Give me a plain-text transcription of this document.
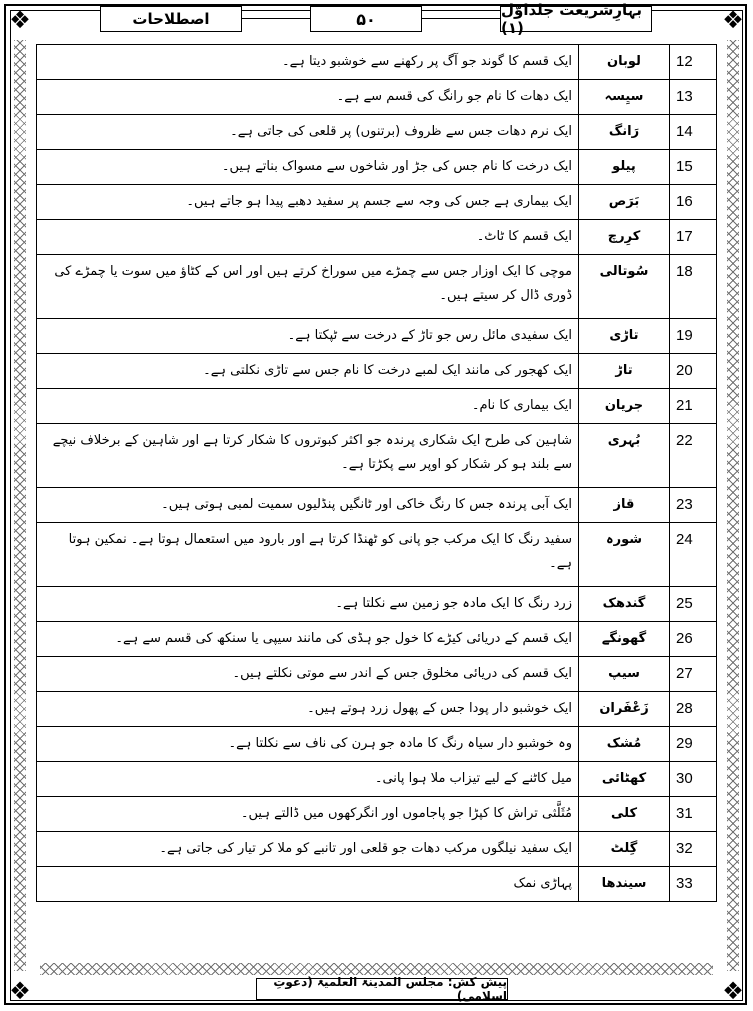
❖	❖
❖	❖
اصطلاحات	۵۰	بہارِشریعت جلداوّل (۱)
ایک قسم کا گوند جو آگ پر رکھنے سے خوشبو دیتا ہے۔	لوبان	12
ایک دھات کا نام جو رانگ کی قسم سے ہے۔	سیِسہ	13
ایک نرم دھات جس سے ظروف (برتنوں) پر قلعی کی جاتی ہے۔	رَانگ	14
ایک درخت کا نام جس کی جڑ اور شاخوں سے مسواک بناتے ہیں۔	پیلو	15
ایک بیماری ہے جس کی وجہ سے جسم پر سفید دھبے پیدا ہو جاتے ہیں۔	بَرَص	16
ایک قسم کا ٹاٹ۔	کرِرچ	17
موچی کا ایک اوزار جس سے چمڑے میں سوراخ کرتے ہیں اور اس کے کٹاؤ میں سوت یا چمڑے کی ڈوری ڈال کر سیتے ہیں۔	سُوتالی	18
ایک سفیدی مائل رس جو تاڑ کے درخت سے ٹپکتا ہے۔	تاڑی	19
ایک کھجور کی مانند ایک لمبے درخت کا نام جس سے تاڑی نکلتی ہے۔	تاڑ	20
ایک بیماری کا نام۔	جریان	21
شاہین کی طرح ایک شکاری پرندہ جو اکثر کبوتروں کا شکار کرتا ہے اور شاہین کے برخلاف نیچے سے بلند ہو کر شکار کو اوپر سے پکڑتا ہے۔	بُہری	22
ایک آبی پرندہ جس کا رنگ خاکی اور ٹانگیں پنڈلیوں سمیت لمبی ہوتی ہیں۔	قاز	23
سفید رنگ کا ایک مرکب جو پانی کو ٹھنڈا کرتا ہے اور بارود میں استعمال ہوتا ہے۔ نمکین ہوتا ہے۔	شورہ	24
زرد رنگ کا ایک مادہ جو زمین سے نکلتا ہے۔	گندھک	25
ایک قسم کے دریائی کیڑے کا خول جو ہڈی کی مانند سیپی یا سنکھ کی قسم سے ہے۔	گھونگے	26
ایک قسم کی دریائی مخلوق جس کے اندر سے موتی نکلتے ہیں۔	سیپ	27
ایک خوشبو دار پودا جس کے پھول زرد ہوتے ہیں۔	زَعْفَران	28
وہ خوشبو دار سیاہ رنگ کا مادہ جو ہرن کی ناف سے نکلتا ہے۔	مُشک	29
میل کاٹنے کے لیے تیزاب ملا ہوا پانی۔	کھٹائی	30
مُثَلَّثی تراش کا کپڑا جو پاجاموں اور انگرکھوں میں ڈالتے ہیں۔	کلی	31
ایک سفید نیلگوں مرکب دھات جو قلعی اور تانبے کو ملا کر تیار کی جاتی ہے۔	گِلٹ	32
پہاڑی نمک	سیندھا	33
پیش کش: مجلس المدینۃ العلمیۃ (دعوتِ اسلامی)
